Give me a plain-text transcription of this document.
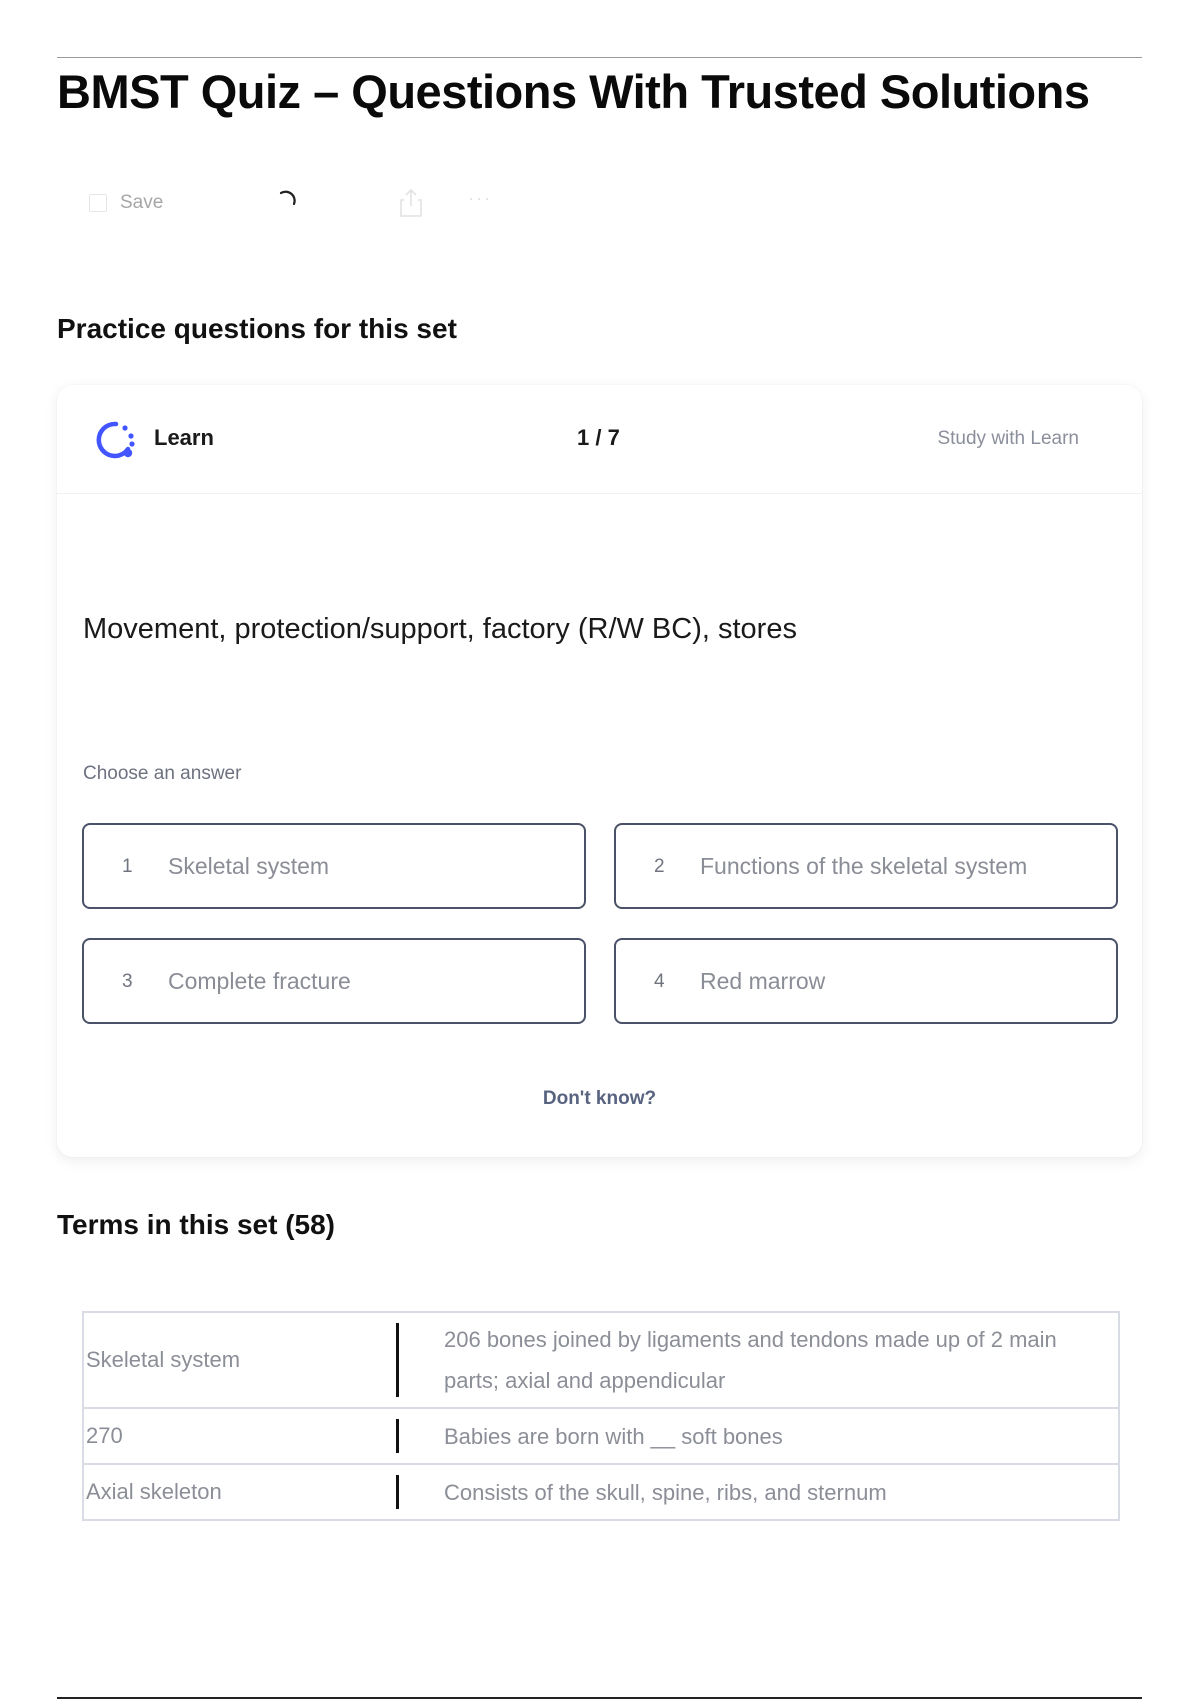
BMST Quiz – Questions With Trusted Solutions
Save	···
Practice questions for this set
Learn	1 / 7	Study with Learn
Movement, protection/support, factory (R/W BC), stores
Choose an answer
1 Skeletal system	2 Functions of the skeletal system
3 Complete fracture	4 Red marrow
Don't know?
Terms in this set (58)
Skeletal system	206 bones joined by ligaments and tendons made up of 2 main parts; axial and appendicular
270	Babies are born with __ soft bones
Axial skeleton	Consists of the skull, spine, ribs, and sternum
